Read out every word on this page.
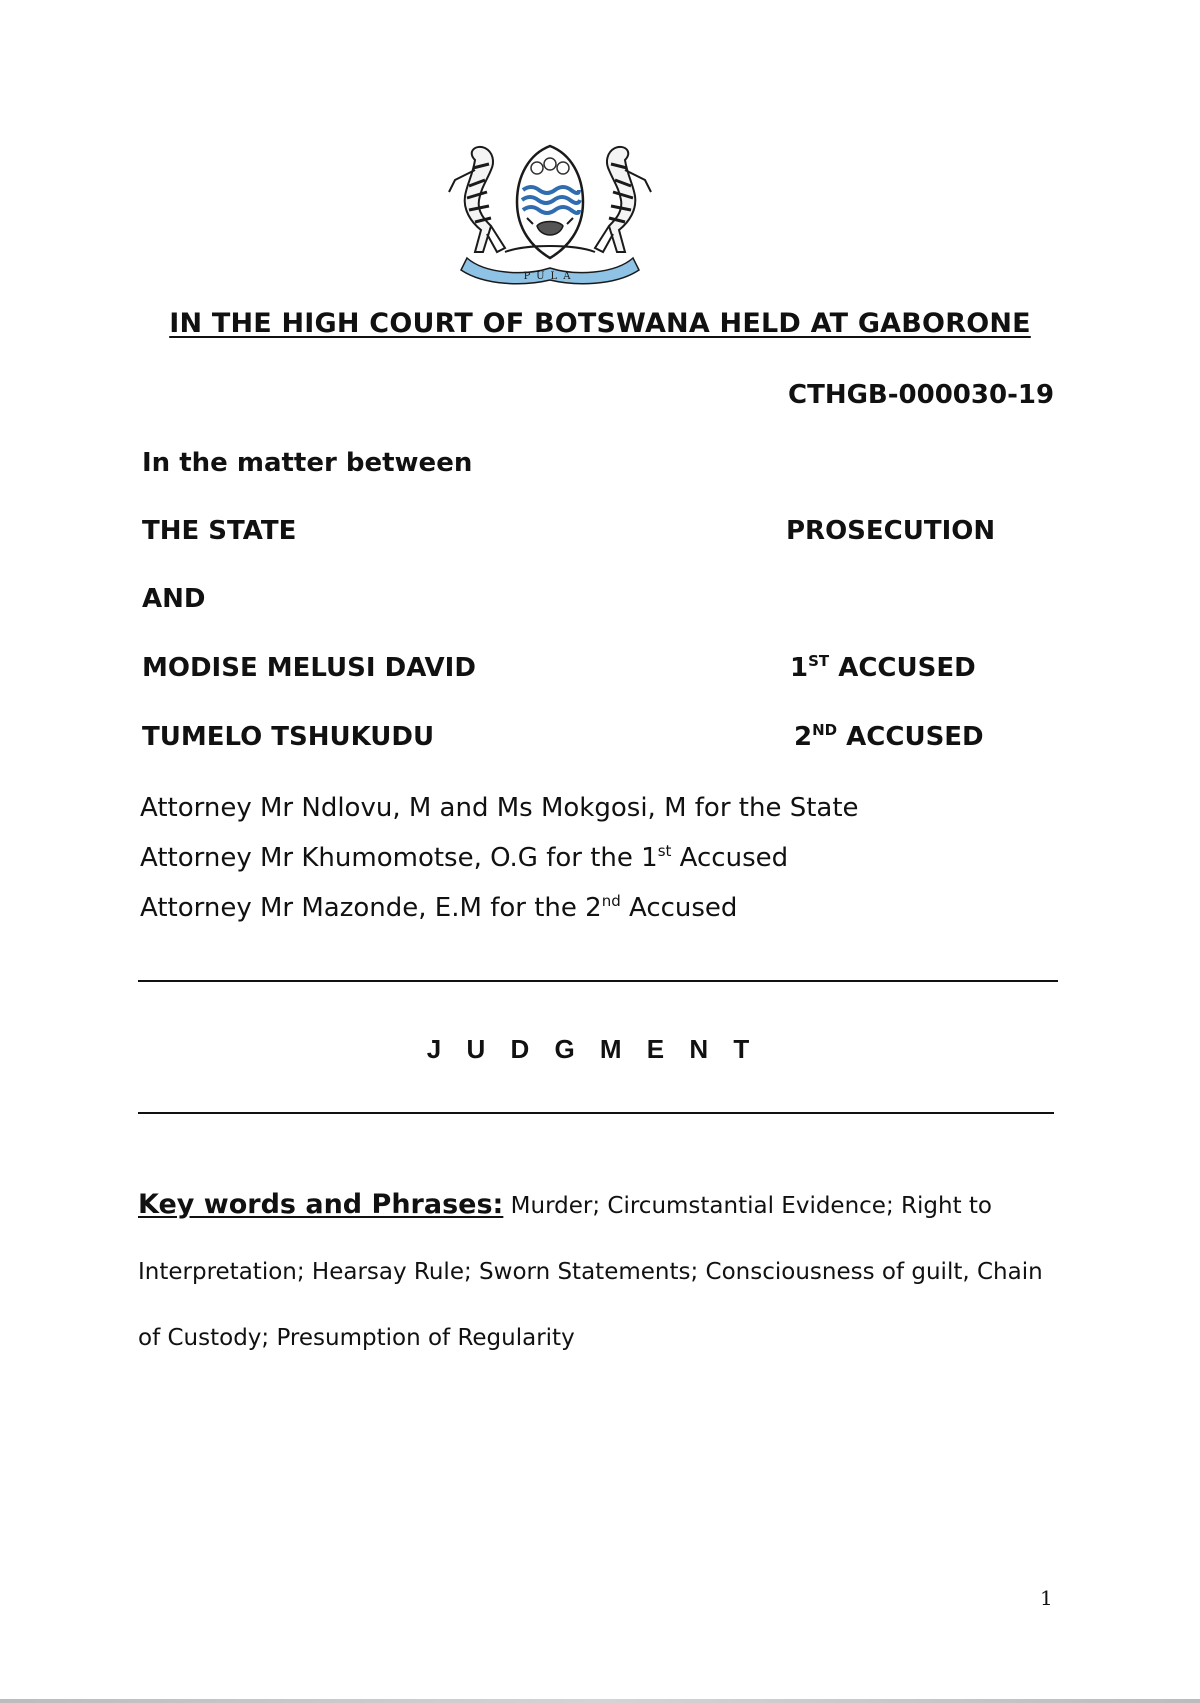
PULA
IN THE HIGH COURT OF BOTSWANA HELD AT GABORONE
CTHGB-000030-19
In the matter between
THE STATE	PROSECUTION
AND
MODISE MELUSI DAVID	1ST ACCUSED
TUMELO TSHUKUDU	2ND ACCUSED
Attorney Mr Ndlovu, M and Ms Mokgosi, M for the State
Attorney Mr Khumomotse, O.G for the 1st Accused
Attorney Mr Mazonde, E.M for the 2nd Accused
J U D G M E N T
Key words and Phrases: Murder; Circumstantial Evidence; Right to Interpretation; Hearsay Rule; Sworn Statements; Consciousness of guilt, Chain of Custody; Presumption of Regularity
1
